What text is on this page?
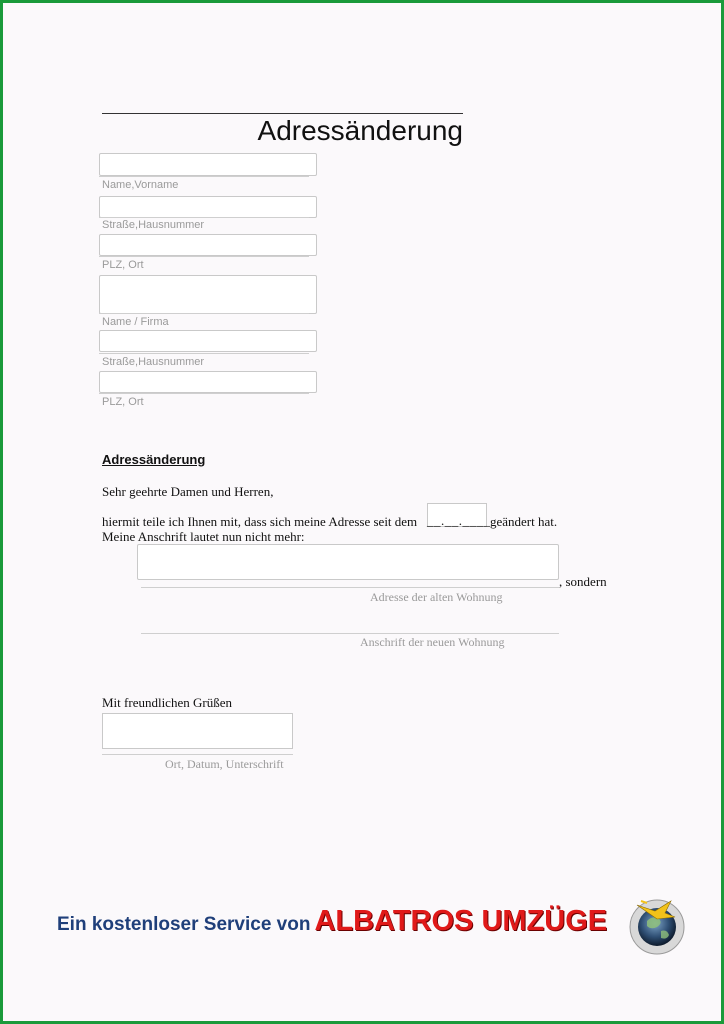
Adressänderung
Name,Vorname
Straße,Hausnummer
PLZ, Ort
Name / Firma
Straße,Hausnummer
PLZ, Ort
Adressänderung
Sehr geehrte Damen und Herren,
hiermit teile ich Ihnen mit, dass sich meine Adresse seit dem __.__.____ geändert hat.
Meine Anschrift lautet nun nicht mehr:
, sondern
Adresse der alten Wohnung
Anschrift der neuen Wohnung
Mit freundlichen Grüßen
Ort, Datum, Unterschrift
Ein kostenloser Service von ALBATROS UMZÜGE
